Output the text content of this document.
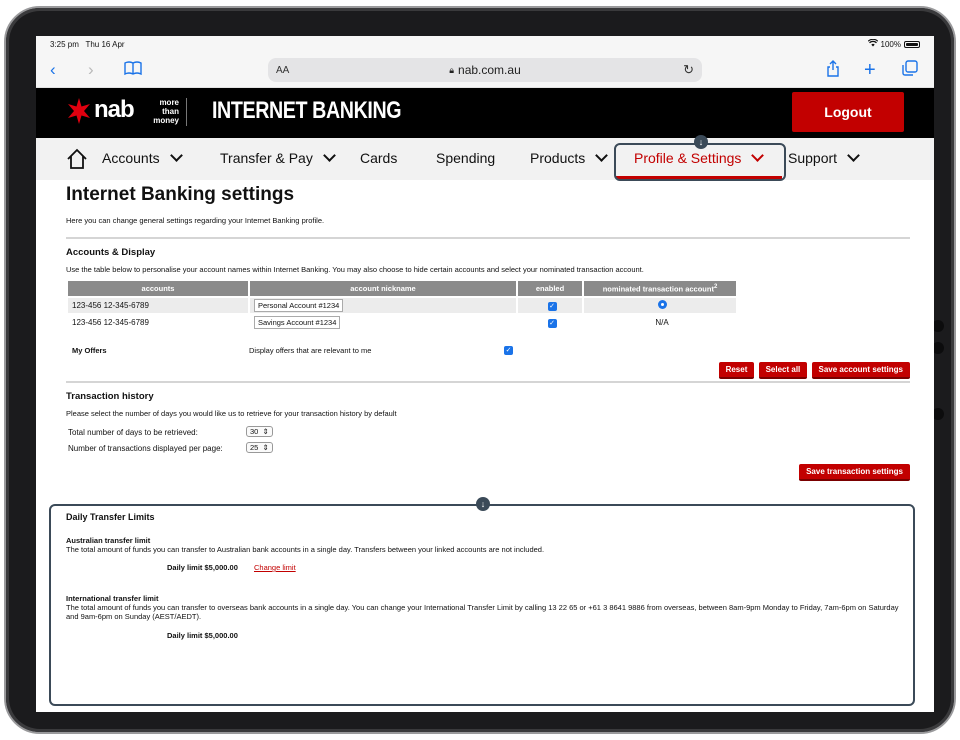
3:25 pm Thu 16 Apr	100%
‹ ›	AA	🔒︎ nab.com.au	↻	+
nab	more
than
money INTERNET BANKING	Logout
Accounts	Transfer & Pay	Cards	Spending Products	Profile & Settings	Support
↓
Internet Banking settings

Here you can change general settings regarding your Internet Banking profile.

Accounts & Display

Use the table below to personalise your account names within Internet Banking. You may also choose to hide certain accounts and select your nominated transaction account.

accounts	account nickname	enabled	nominated transaction account$^2$
123-456 12-345-6789	Personal Account #1234	✓	
123-456 12-345-6789	Savings Account #1234	✓	N/A
My Offers	Display offers that are relevant to me	✓
Reset Select all Save account settings
Transaction history

Please select the number of days you would like us to retrieve for your transaction history by default

Total number of days to be retrieved:	30  ⇕
Number of transactions displayed per page:	25  ⇕
Save transaction settings
↓
Daily Transfer Limits
Australian transfer limit

The total amount of funds you can transfer to Australian bank accounts in a single day. Transfers between your linked accounts are not included.

Daily limit $5,000.00 Change limit
International transfer limit

The total amount of funds you can transfer to overseas bank accounts in a single day. You can change your International Transfer Limit by calling 13 22 65 or +61 3 8641 9886 from overseas, between 8am-9pm Monday to Friday, 7am-6pm on Saturday and 9am-6pm on Sunday (AEST/AEDT).

Daily limit $5,000.00
